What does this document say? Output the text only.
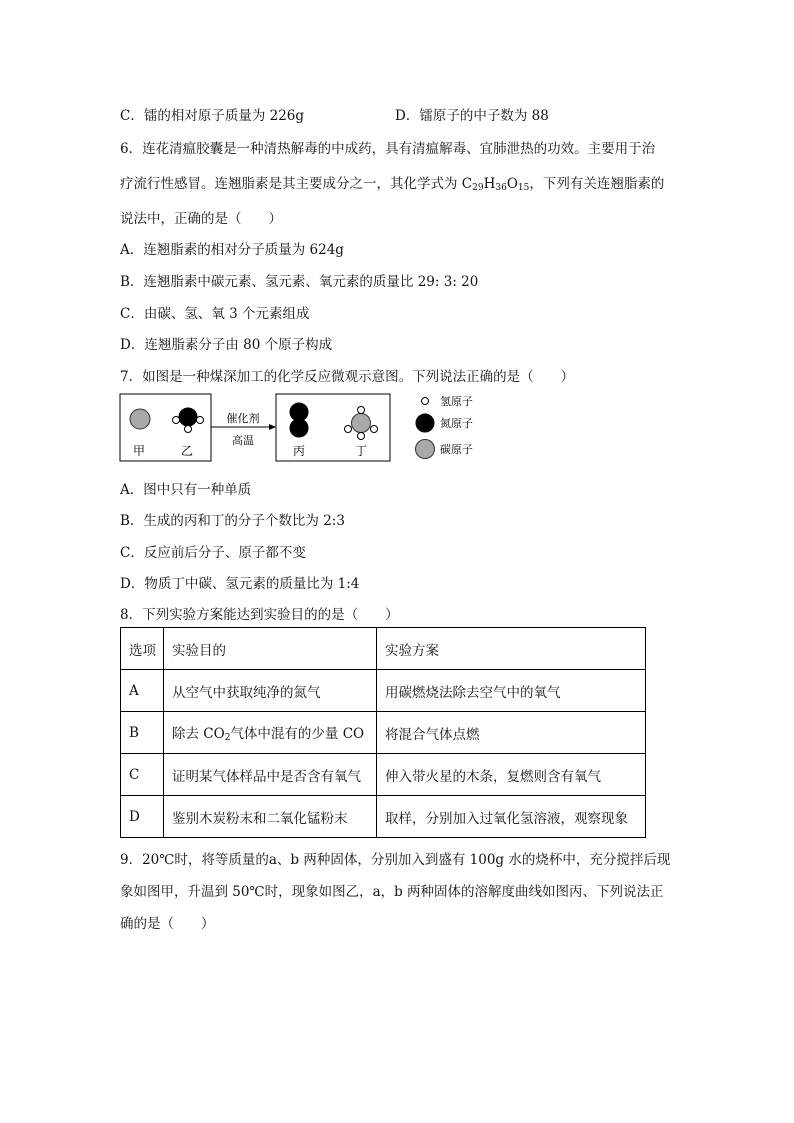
C．镭的相对原子质量为 226g	D．镭原子的中子数为 88
6．连花清瘟胶囊是一种清热解毒的中成药，具有清瘟解毒、宜肺泄热的功效。主要用于治
疗流行性感冒。连翘脂素是其主要成分之一，其化学式为 $C_{29}H_{36}O_{15}$，下列有关连翘脂素的
说法中，正确的是（　　）
A．连翘脂素的相对分子质量为 624g
B．连翘脂素中碳元素、氢元素、氧元素的质量比 29: 3: 20
C．由碳、氢、氧 3 个元素组成
D．连翘脂素分子由 80 个原子构成
7．如图是一种煤深加工的化学反应微观示意图。下列说法正确的是（　　）
催化剂
高温
甲	乙	丙	丁
氢原子
氮原子
碳原子
A．图中只有一种单质
B．生成的丙和丁的分子个数比为 2:3
C．反应前后分子、原子都不变
D．物质丁中碳、氢元素的质量比为 1:4
8．下列实验方案能达到实验目的的是（　　）
选项	实验目的	实验方案
A	从空气中获取纯净的氮气	用碳燃烧法除去空气中的氧气
B	除去 $CO_2$气体中混有的少量 CO	将混合气体点燃
C	证明某气体样品中是否含有氧气	伸入带火星的木条，复燃则含有氧气
D	鉴别木炭粉末和二氧化锰粉末	取样，分别加入过氧化氢溶液，观察现象
9．20℃时，将等质量的a、b 两种固体，分别加入到盛有 100g 水的烧杯中，充分搅拌后现
象如图甲，升温到 50℃时，现象如图乙，a，b 两种固体的溶解度曲线如图丙、下列说法正
确的是（　　）
